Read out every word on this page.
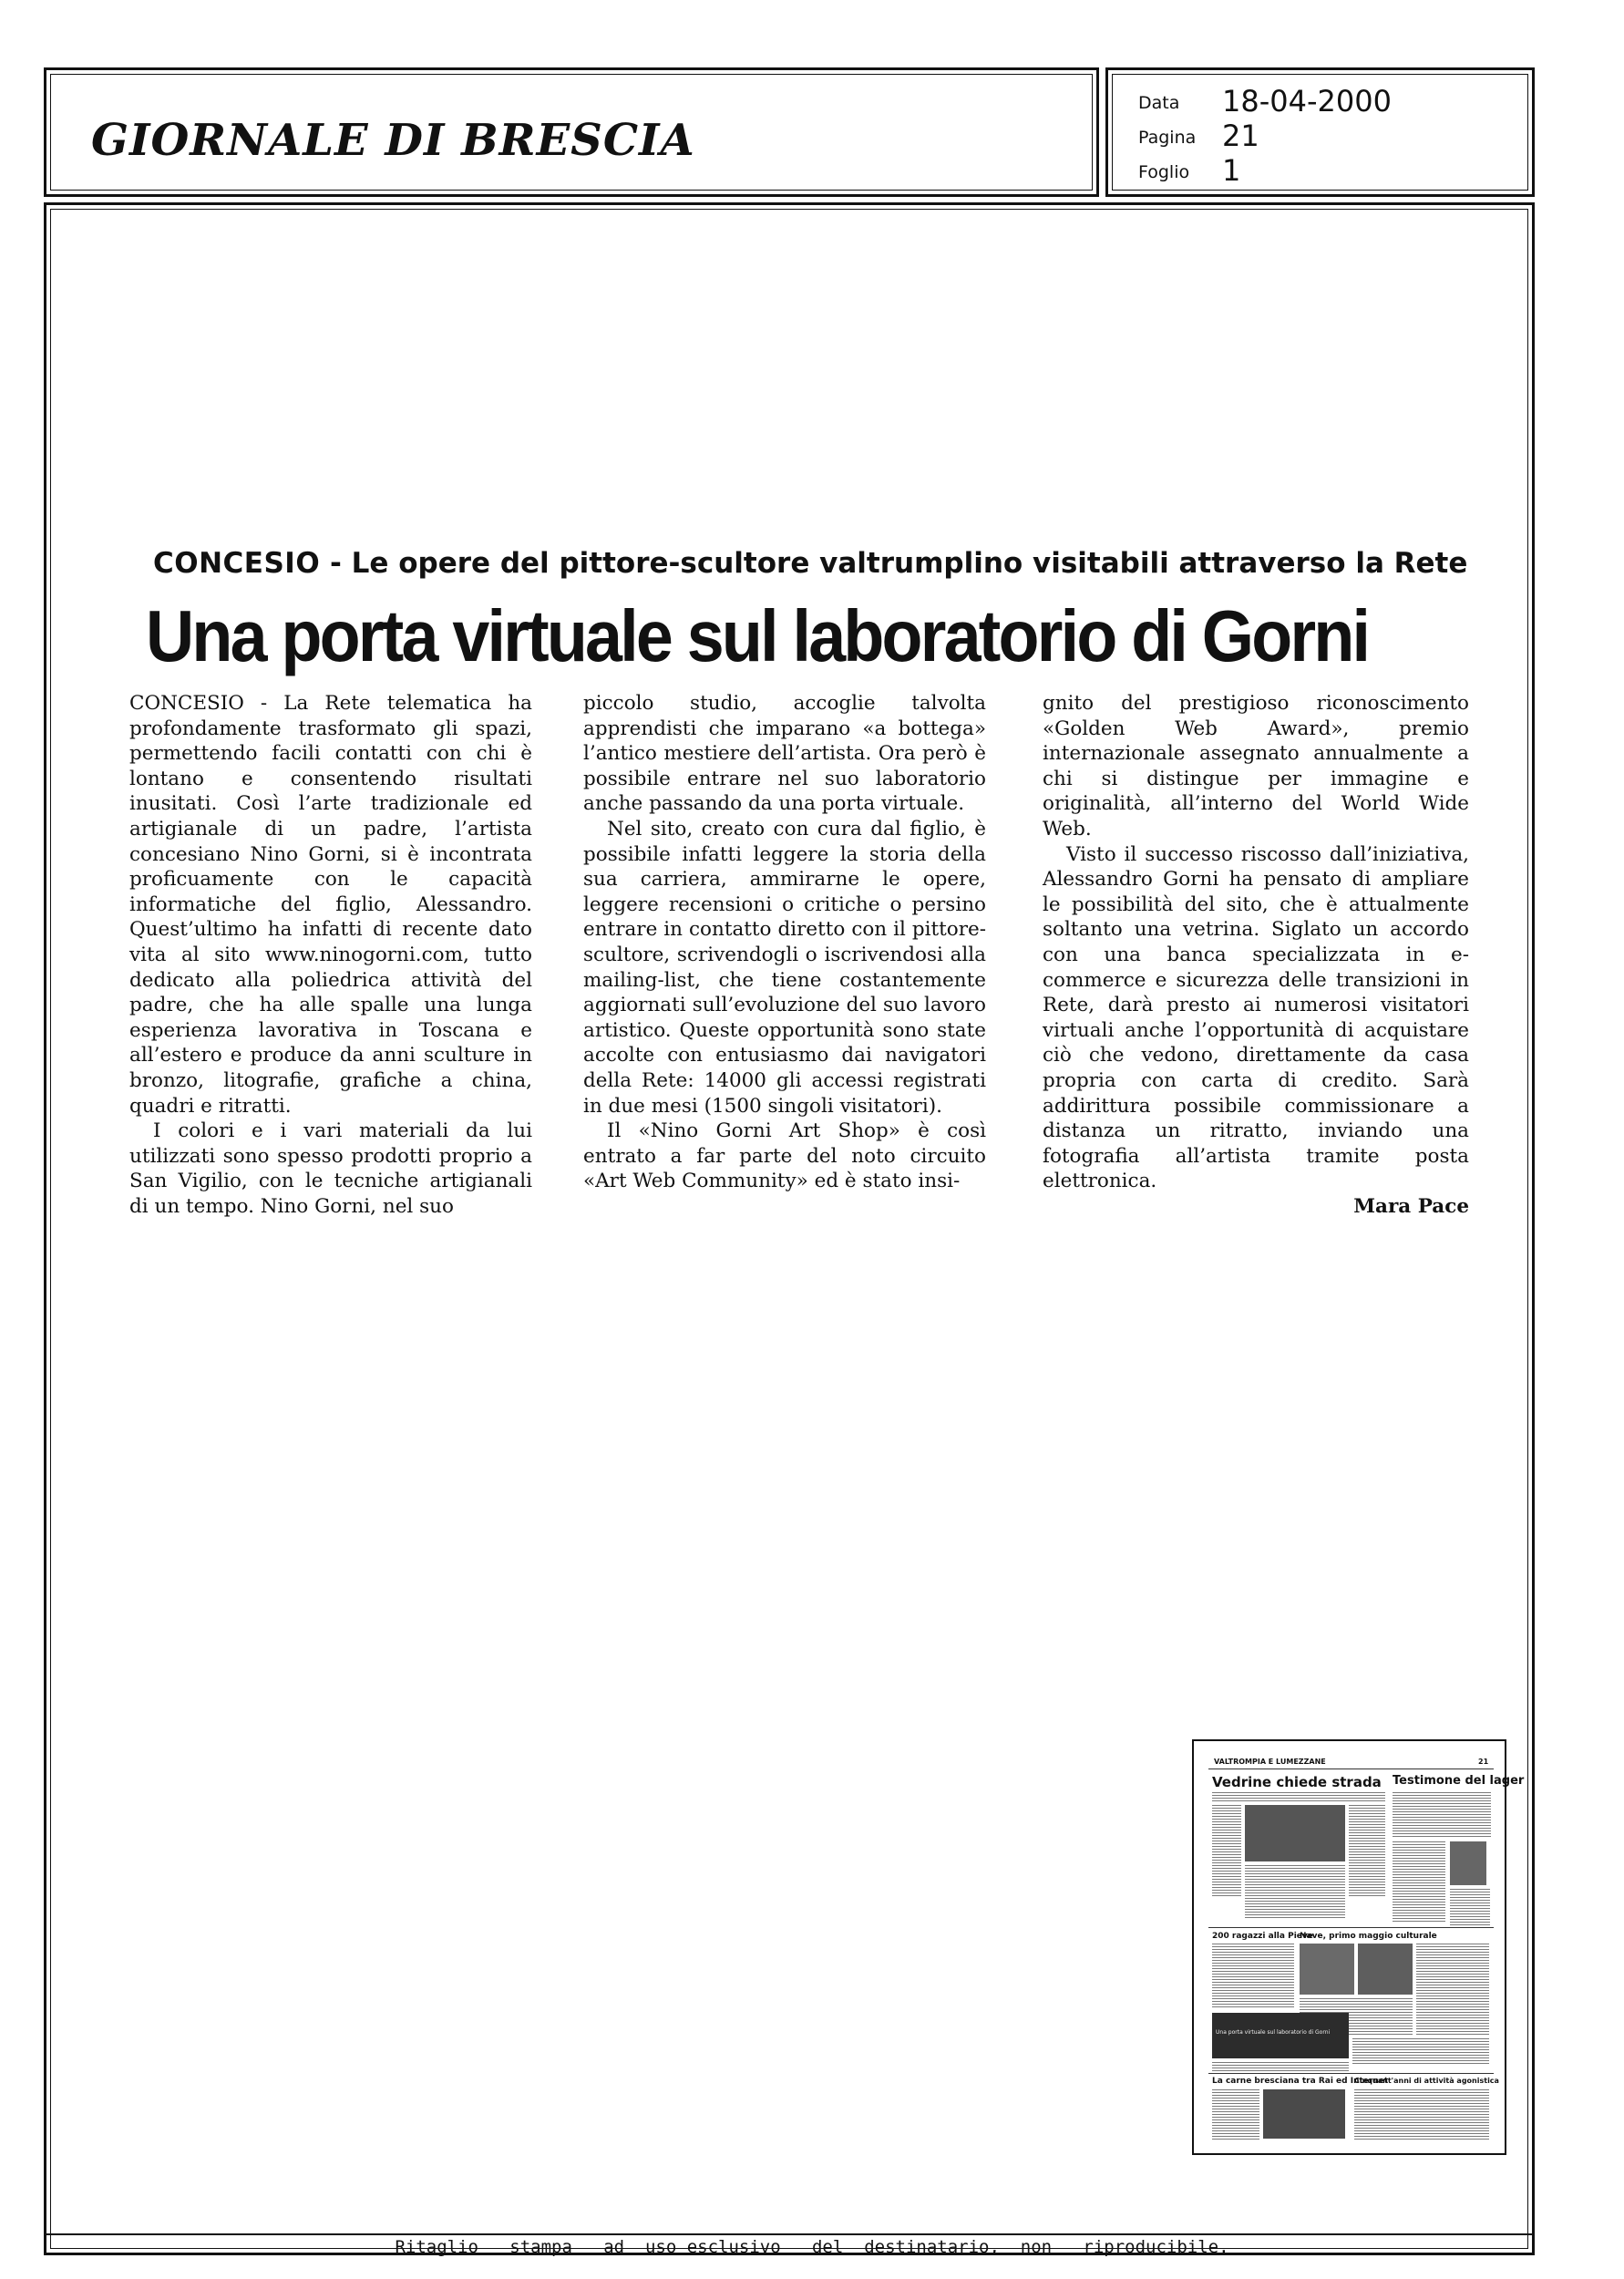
GIORNALE DI BRESCIA
Data 18-04-2000
Pagina 21
Foglio 1
CONCESIO - Le opere del pittore-scultore valtrumplino visitabili attraverso la Rete
Una porta virtuale sul laboratorio di Gorni

CONCESIO - La Rete telematica ha profondamente trasformato gli spazi, permettendo facili contatti con chi è lontano e consentendo risultati inusitati. Così l’arte tradizionale ed artigianale di un padre, l’artista concesiano Nino Gorni, si è incontrata proficuamente con le capacità informatiche del figlio, Alessandro. Quest’ultimo ha infatti di recente dato vita al sito www.ninogorni.com, tutto dedicato alla poliedrica attività del padre, che ha alle spalle una lunga esperienza lavorativa in Toscana e all’estero e produce da anni sculture in bronzo, litografie, grafiche a china, quadri e ritratti.

I colori e i vari materiali da lui utilizzati sono spesso prodotti proprio a San Vigilio, con le tecniche artigianali di un tempo. Nino Gorni, nel suo

piccolo studio, accoglie talvolta apprendisti che imparano «a bottega» l’antico mestiere dell’artista. Ora però è possibile entrare nel suo laboratorio anche passando da una porta virtuale.

Nel sito, creato con cura dal figlio, è possibile infatti leggere la storia della sua carriera, ammirarne le opere, leggere recensioni o critiche o persino entrare in contatto diretto con il pittore-scultore, scrivendogli o iscrivendosi alla mailing-list, che tiene costantemente aggiornati sull’evoluzione del suo lavoro artistico. Queste opportunità sono state accolte con entusiasmo dai navigatori della Rete: 14000 gli accessi registrati in due mesi (1500 singoli visitatori).

Il «Nino Gorni Art Shop» è così entrato a far parte del noto circuito «Art Web Community» ed è stato insi-

gnito del prestigioso riconoscimento «Golden Web Award», premio internazionale assegnato annualmente a chi si distingue per immagine e originalità, all’interno del World Wide Web.

Visto il successo riscosso dall’iniziativa, Alessandro Gorni ha pensato di ampliare le possibilità del sito, che è attualmente soltanto una vetrina. Siglato un accordo con una banca specializzata in e-commerce e sicurezza delle transizioni in Rete, darà presto ai numerosi visitatori virtuali anche l’opportunità di acquistare ciò che vedono, direttamente da casa propria con carta di credito. Sarà addirittura possibile commissionare a distanza un ritratto, inviando una fotografia all’artista tramite posta elettronica.

Mara Pace

VALTROMPIA E LUMEZZANE	21
Vedrine chiede strada Testimone del lager
200 ragazzi alla Pieve
Nave, primo maggio culturale
Una porta virtuale sul laboratorio di Gorni
La carne bresciana tra Rai ed Internet
Cinquant'anni di attività agonistica
Ritaglio   stampa   ad  uso esclusivo   del  destinatario,  non   riproducibile.
